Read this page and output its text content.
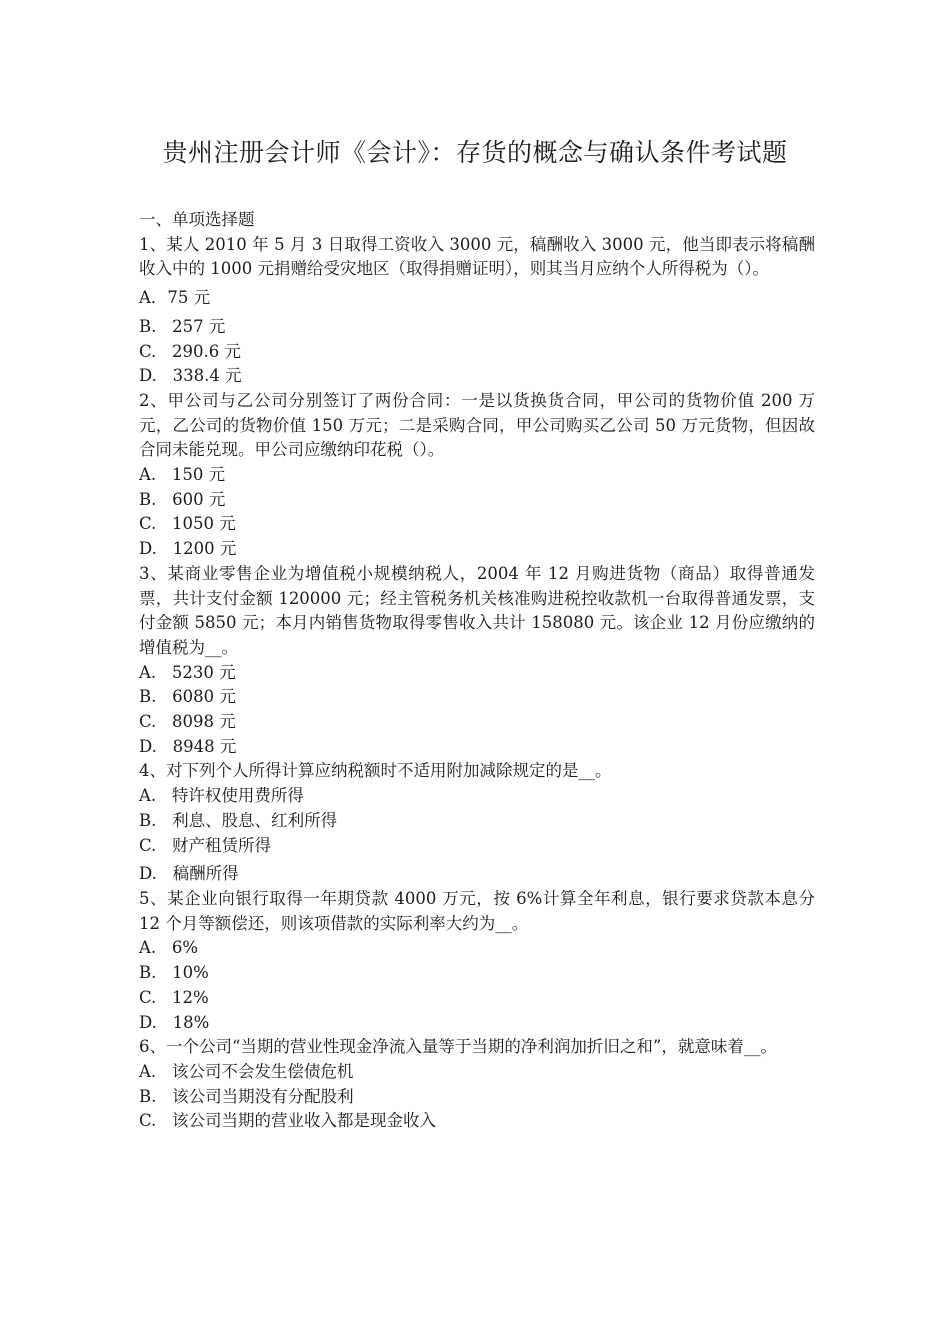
贵州注册会计师《会计》：存货的概念与确认条件考试题

一、单项选择题

1、某人 2010 年 5 月 3 日取得工资收入 3000 元，稿酬收入 3000 元，他当即表示将稿酬收入中的 1000 元捐赠给受灾地区（取得捐赠证明），则其当月应纳个人所得税为（）。

A．75 元

B.   257 元

C.   290.6 元

D.   338.4 元

2、甲公司与乙公司分别签订了两份合同：一是以货换货合同，甲公司的货物价值 200 万元，乙公司的货物价值 150 万元；二是采购合同，甲公司购买乙公司 50 万元货物，但因故合同未能兑现。甲公司应缴纳印花税（）。

A.   150 元

B.   600 元

C.   1050 元

D.   1200 元

3、某商业零售企业为增值税小规模纳税人，2004 年 12 月购进货物（商品）取得普通发票，共计支付金额 120000 元；经主管税务机关核准购进税控收款机一台取得普通发票，支付金额 5850 元；本月内销售货物取得零售收入共计 158080 元。该企业 12 月份应缴纳的增值税为__。

A.   5230 元

B.   6080 元

C.   8098 元

D.   8948 元

4、对下列个人所得计算应纳税额时不适用附加减除规定的是__。

A.   特许权使用费所得

B.   利息、股息、红利所得

C.   财产租赁所得

D.   稿酬所得

5、某企业向银行取得一年期贷款 4000 万元，按 6%计算全年利息，银行要求贷款本息分 12 个月等额偿还，则该项借款的实际利率大约为__。

A.   6%

B.   10%

C.   12%

D.   18%

6、一个公司“当期的营业性现金净流入量等于当期的净利润加折旧之和”，就意味着__。

A.   该公司不会发生偿债危机

B.   该公司当期没有分配股利

C.   该公司当期的营业收入都是现金收入
